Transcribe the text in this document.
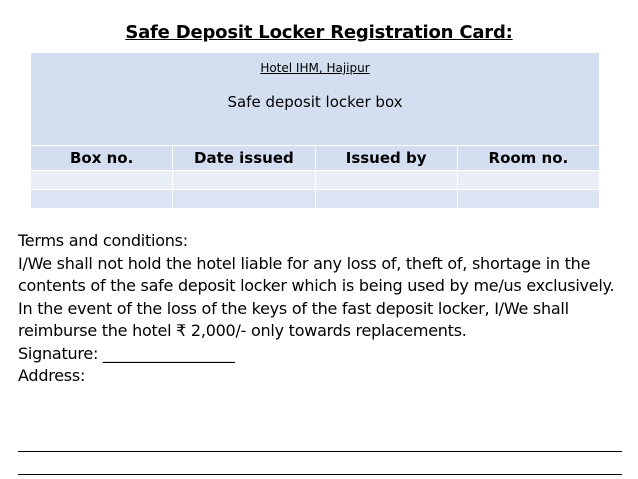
Safe Deposit Locker Registration Card:
Hotel IHM, Hajipur
Safe deposit locker box			

Box no.	Date issued	Issued by	Room no.

Terms and conditions:
I/We shall not hold the hotel liable for any loss of, theft of, shortage in the contents of the safe deposit locker which is being used by me/us exclusively.
In the event of the loss of the keys of the fast deposit locker, I/We shall reimburse the hotel ₹ 2,000/- only towards replacements.
Signature: _________________
Address:
